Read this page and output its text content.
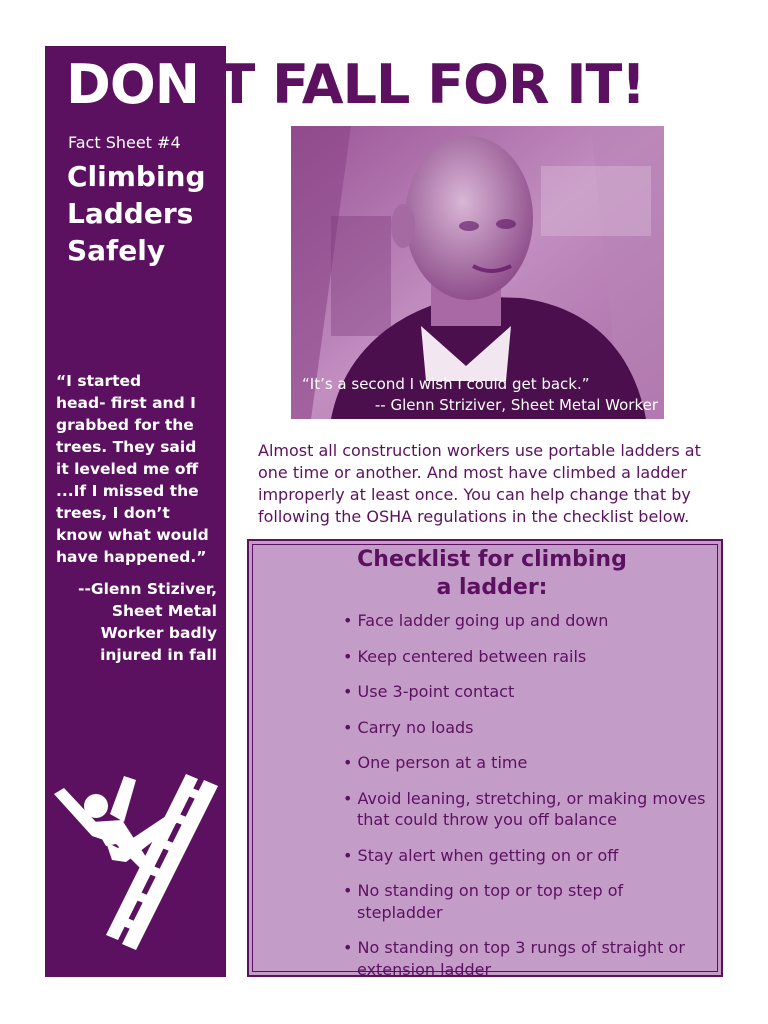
DON’T FALL FOR IT!
Fact Sheet #4
Climbing
Ladders
Safely
“I started
head- first and I
grabbed for the
trees. They said
it leveled me off
...If I missed the
trees, I don’t
know what would
have happened.”
--Glenn Stiziver,
Sheet Metal
Worker badly
injured in fall
“It’s a second I wish I could get back.”
-- Glenn Striziver, Sheet Metal Worker

Almost all construction workers use portable ladders at one time or another. And most have climbed a ladder improperly at least once. You can help change that by following the OSHA regulations in the checklist below.

Checklist for climbing
a ladder:
• Face ladder going up and down
• Keep centered between rails
• Use 3-point contact
• Carry no loads
• One person at a time
• Avoid leaning, stretching, or making moves that could throw you off balance
• Stay alert when getting on or off
• No standing on top or top step of stepladder
• No standing on top 3 rungs of straight or extension ladder
